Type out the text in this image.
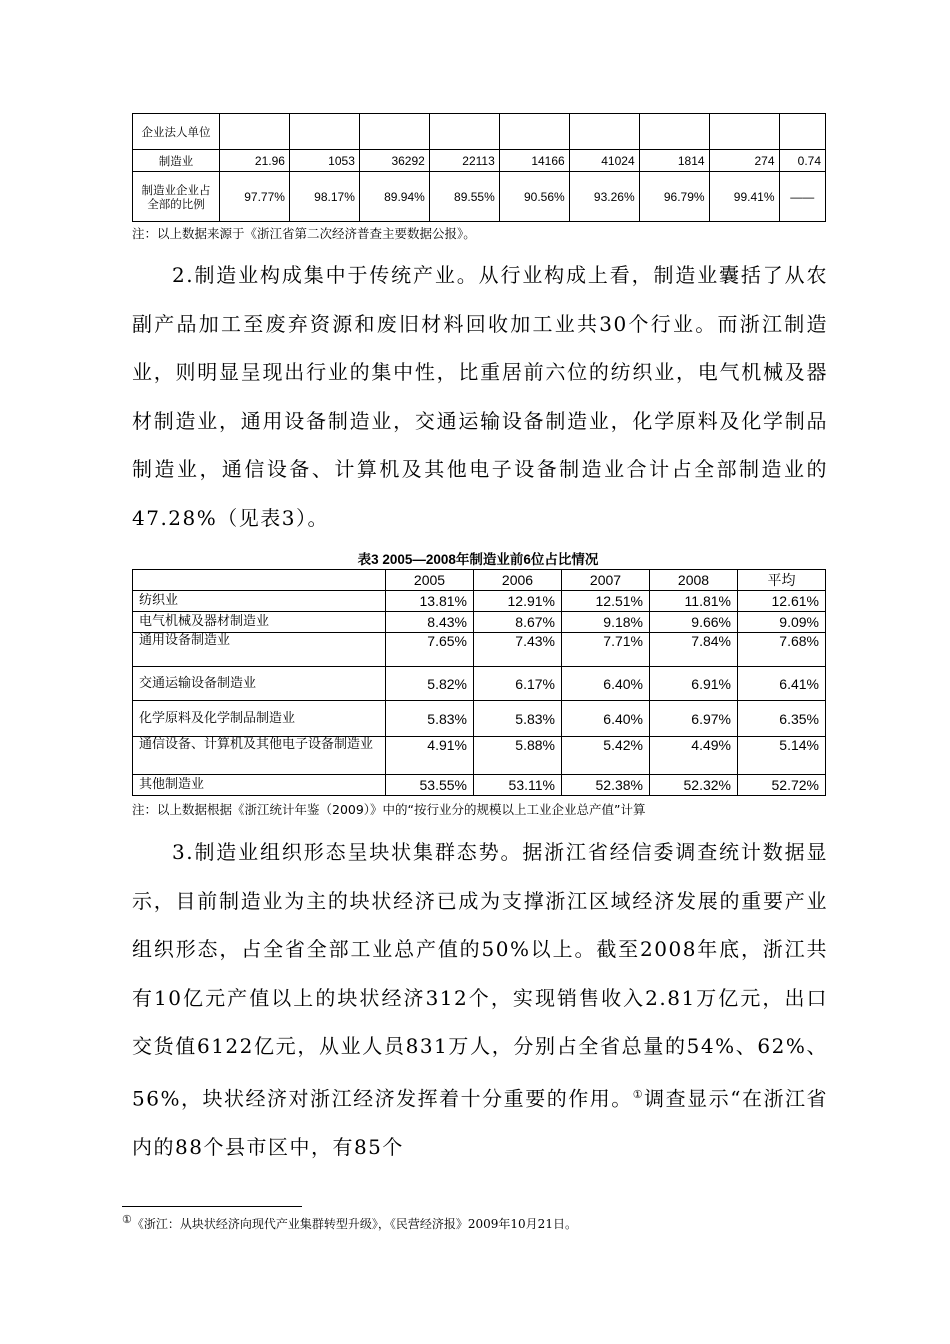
企业法人单位									
制造业	21.96	1053	36292	22113	14166	41024	1814	274	0.74
制造业企业占全部的比例	97.77%	98.17%	89.94%	89.55%	90.56%	93.26%	96.79%	99.41%	——
注：以上数据来源于《浙江省第二次经济普查主要数据公报》。
2.制造业构成集中于传统产业。从行业构成上看，制造业囊括了从农副产品加工至废弃资源和废旧材料回收加工业共30个行业。而浙江制造业，则明显呈现出行业的集中性，比重居前六位的纺织业，电气机械及器材制造业，通用设备制造业，交通运输设备制造业，化学原料及化学制品制造业，通信设备、计算机及其他电子设备制造业合计占全部制造业的47.28%（见表3）。
表3 2005—2008年制造业前6位占比情况
	2005	2006	2007	2008	平均
纺织业	13.81%	12.91%	12.51%	11.81%	12.61%
电气机械及器材制造业	8.43%	8.67%	9.18%	9.66%	9.09%
通用设备制造业	7.65%	7.43%	7.71%	7.84%	7.68%
交通运输设备制造业	5.82%	6.17%	6.40%	6.91%	6.41%
化学原料及化学制品制造业	5.83%	5.83%	6.40%	6.97%	6.35%
通信设备、计算机及其他电子设备制造业	4.91%	5.88%	5.42%	4.49%	5.14%
其他制造业	53.55%	53.11%	52.38%	52.32%	52.72%
注：以上数据根据《浙江统计年鉴（2009）》中的“按行业分的规模以上工业企业总产值”计算
3.制造业组织形态呈块状集群态势。据浙江省经信委调查统计数据显示，目前制造业为主的块状经济已成为支撑浙江区域经济发展的重要产业组织形态，占全省全部工业总产值的50%以上。截至2008年底，浙江共有10亿元产值以上的块状经济312个，实现销售收入2.81万亿元，出口交货值6122亿元，从业人员831万人，分别占全省总量的54%、62%、56%，块状经济对浙江经济发挥着十分重要的作用。①调查显示“在浙江省内的88个县市区中，有85个
①《浙江：从块状经济向现代产业集群转型升级》，《民营经济报》2009年10月21日。
